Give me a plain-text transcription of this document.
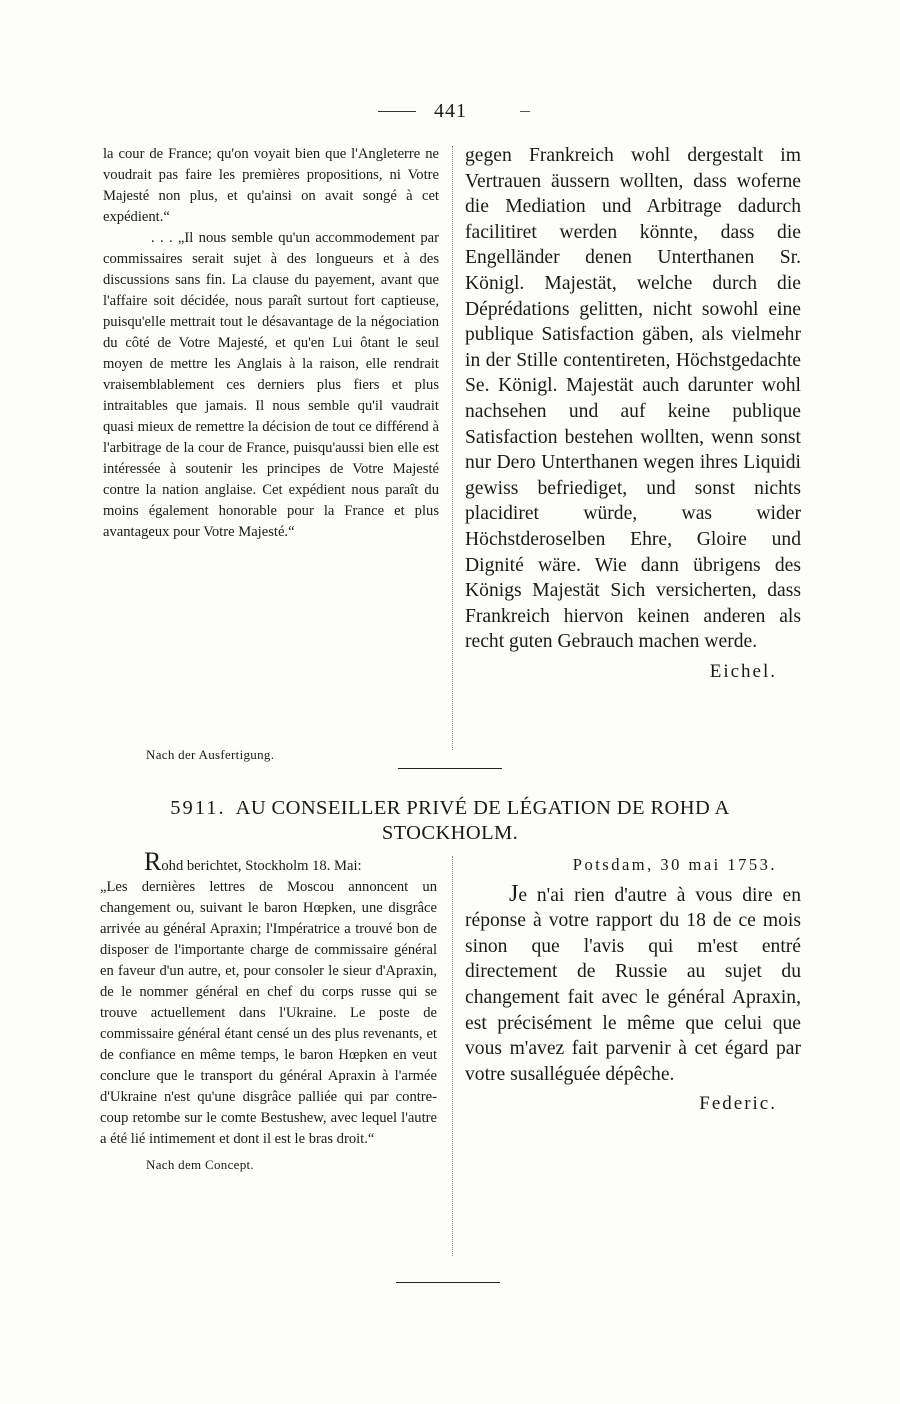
441

la cour de France; qu'on voyait bien que l'Angleterre ne voudrait pas faire les premières propositions, ni Votre Majesté non plus, et qu'ainsi on avait songé à cet expédient.“

. . . „Il nous semble qu'un accommodement par commissaires serait sujet à des longueurs et à des discussions sans fin. La clause du payement, avant que l'affaire soit décidée, nous paraît surtout fort captieuse, puisqu'elle mettrait tout le désavantage de la négociation du côté de Votre Majesté, et qu'en Lui ôtant le seul moyen de mettre les Anglais à la raison, elle rendrait vraisemblablement ces derniers plus fiers et plus intraitables que jamais. Il nous semble qu'il vaudrait quasi mieux de remettre la décision de tout ce différend à l'arbitrage de la cour de France, puisqu'aussi bien elle est intéressée à soutenir les principes de Votre Majesté contre la nation anglaise. Cet expédient nous paraît du moins également honorable pour la France et plus avantageux pour Votre Majesté.“

gegen Frankreich wohl dergestalt im Vertrauen äussern wollten, dass woferne die Mediation und Arbitrage dadurch facilitiret werden könnte, dass die Engelländer denen Unterthanen Sr. Königl. Majestät, welche durch die Déprédations gelitten, nicht sowohl eine publique Satisfaction gäben, als vielmehr in der Stille contentireten, Höchstgedachte Se. Königl. Majestät auch darunter wohl nachsehen und auf keine publique Satisfaction bestehen wollten, wenn sonst nur Dero Unterthanen wegen ihres Liquidi gewiss befriediget, und sonst nichts placidiret würde, was wider Höchstderoselben Ehre, Gloire und Dignité wäre. Wie dann übrigens des Königs Majestät Sich versicherten, dass Frankreich hiervon keinen anderen als recht guten Gebrauch machen werde.

Eichel.
Nach der Ausfertigung.
5911. AU CONSEILLER PRIVÉ DE LÉGATION DE ROHD A STOCKHOLM.

Rohd berichtet, Stockholm 18. Mai:

„Les dernières lettres de Moscou annoncent un changement ou, suivant le baron Hœpken, une disgrâce arrivée au général Apraxin; l'Impératrice a trouvé bon de disposer de l'importante charge de commissaire général en faveur d'un autre, et, pour consoler le sieur d'Apraxin, de le nommer général en chef du corps russe qui se trouve actuellement dans l'Ukraine. Le poste de commissaire général étant censé un des plus revenants, et de confiance en même temps, le baron Hœpken en veut conclure que le transport du général Apraxin à l'armée d'Ukraine n'est qu'une disgrâce palliée qui par contre-coup retombe sur le comte Bestushew, avec lequel l'autre a été lié intimement et dont il est le bras droit.“

Nach dem Concept.
Potsdam, 30 mai 1753.

Je n'ai rien d'autre à vous dire en réponse à votre rapport du 18 de ce mois sinon que l'avis qui m'est entré directement de Russie au sujet du changement fait avec le général Apraxin, est précisément le même que celui que vous m'avez fait parvenir à cet égard par votre susalléguée dépêche.

Federic.
